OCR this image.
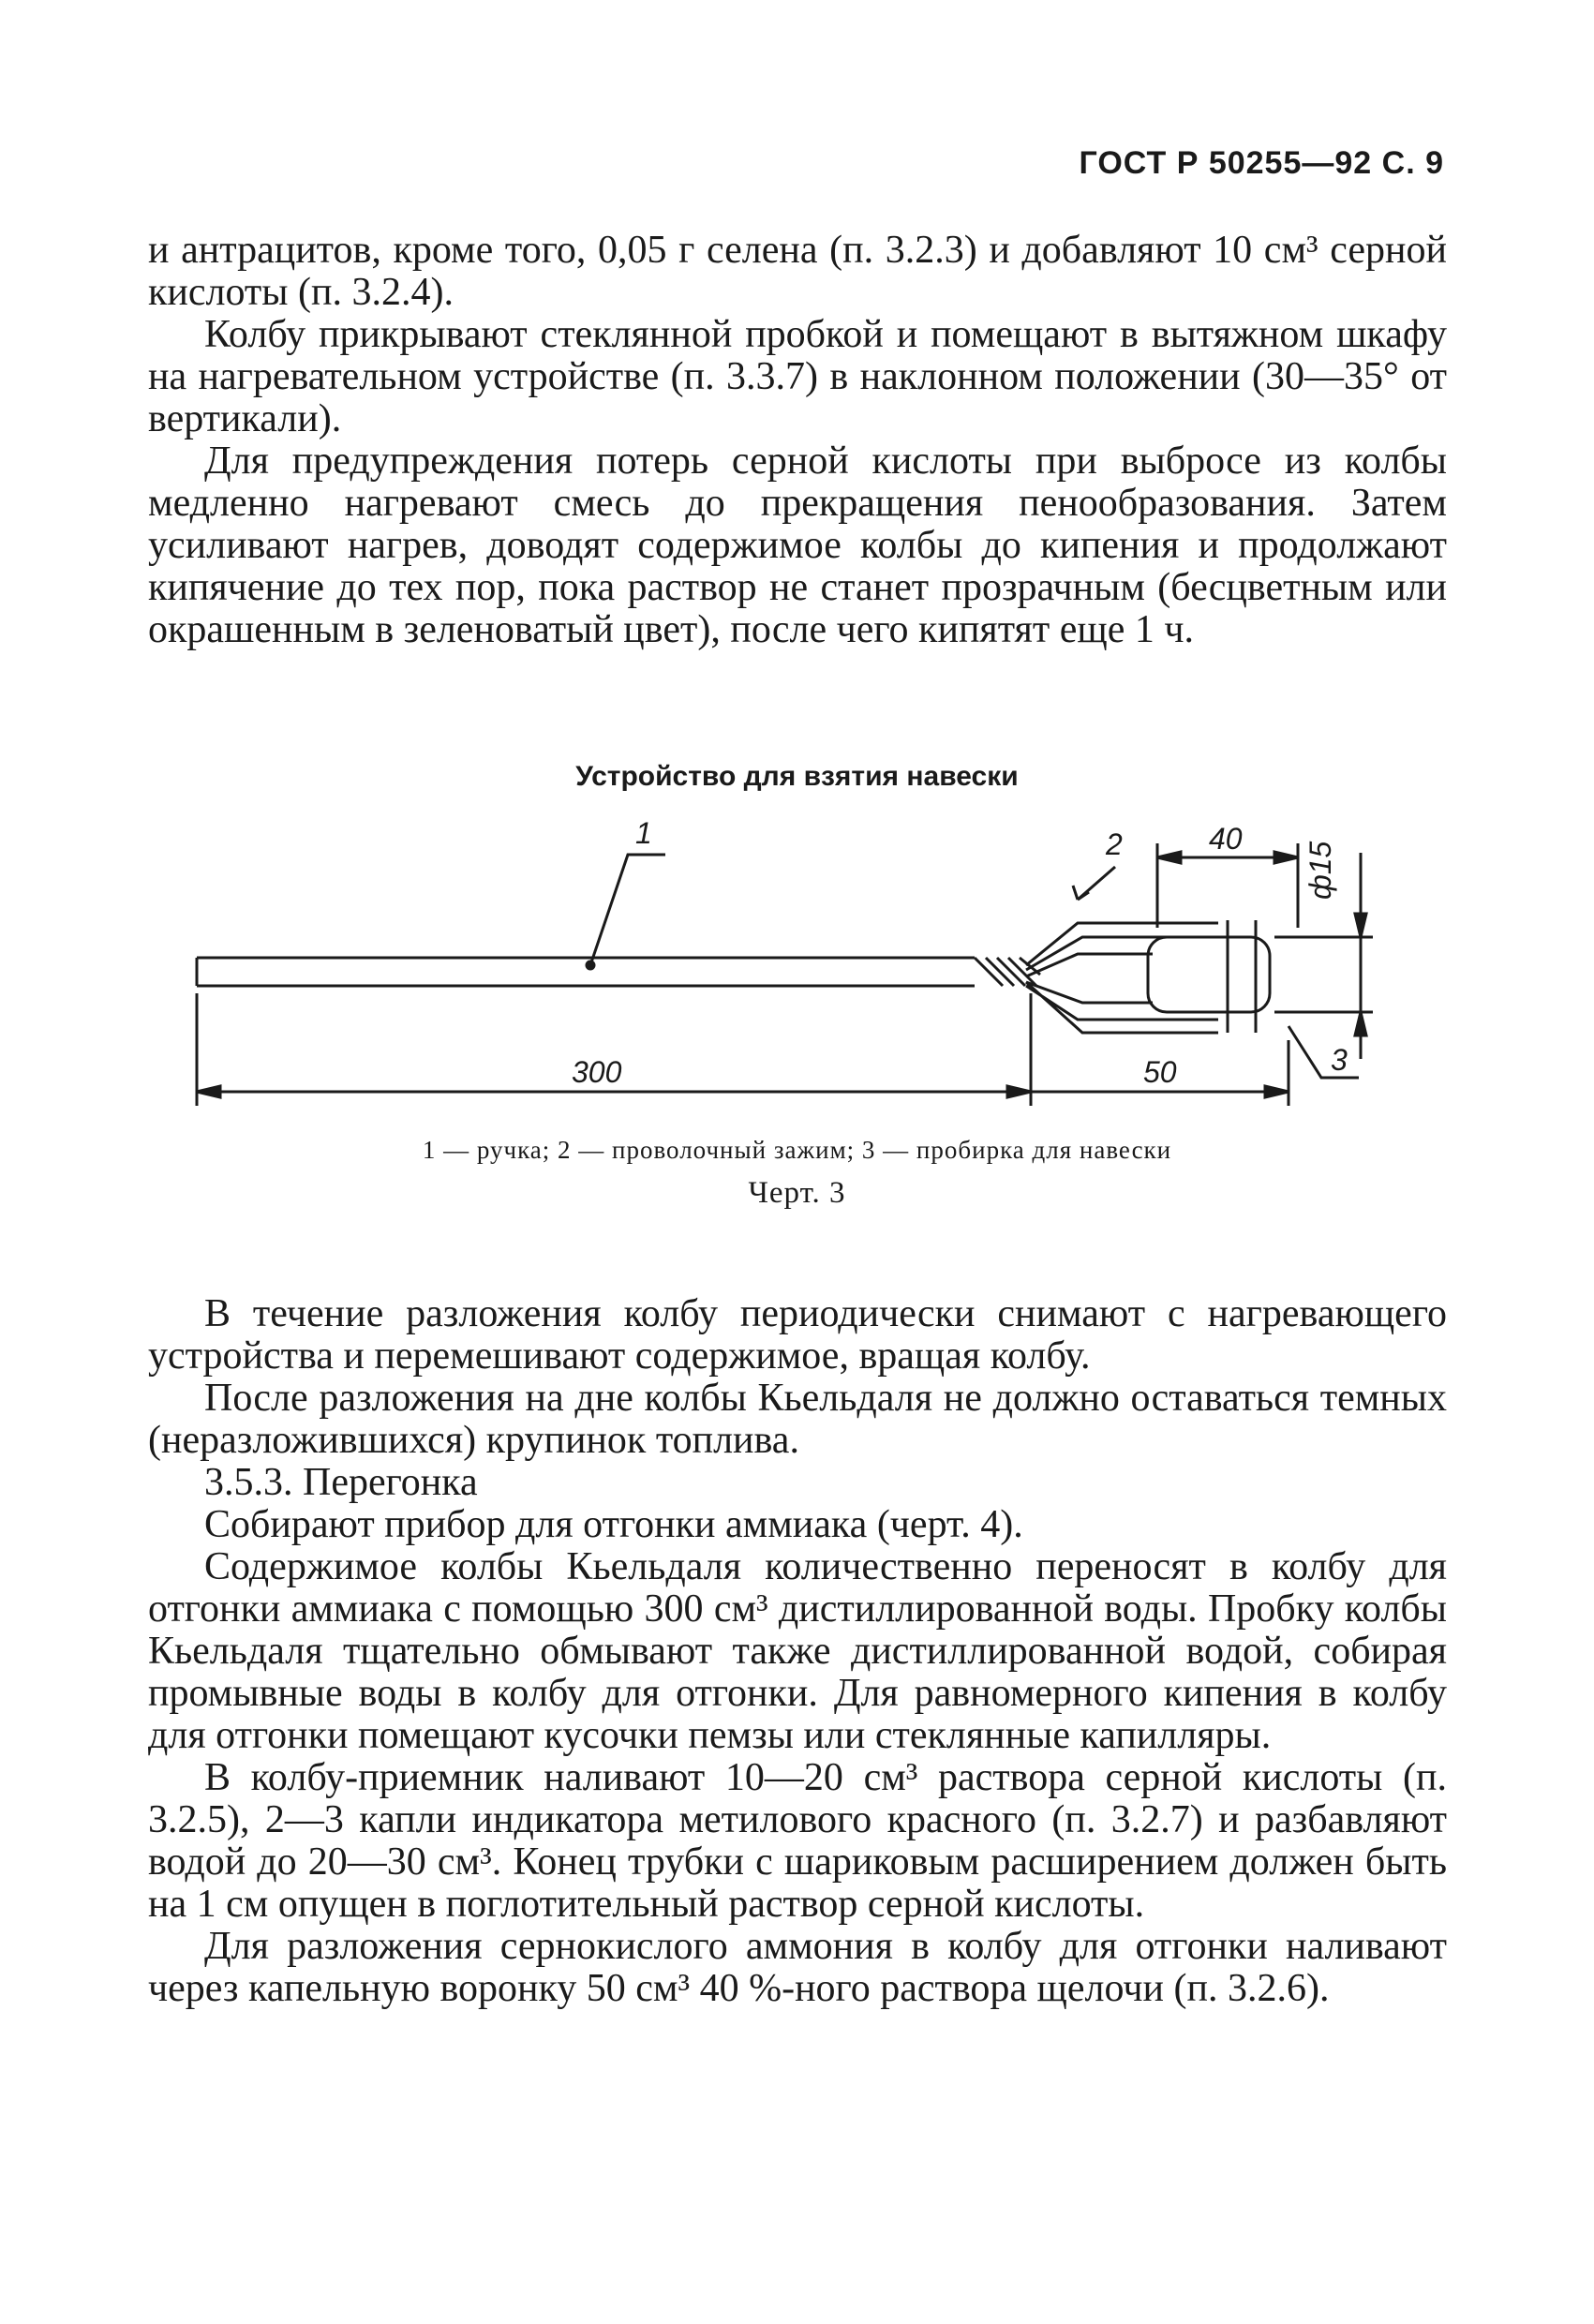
ГОСТ Р 50255—92 С. 9

и антрацитов, кроме того, 0,05 г селена (п. 3.2.3) и добавляют 10 см³ серной кислоты (п. 3.2.4).

Колбу прикрывают стеклянной пробкой и помещают в вытяжном шкафу на нагревательном устройстве (п. 3.3.7) в наклонном положении (30—35° от вертикали).

Для предупреждения потерь серной кислоты при выбросе из колбы медленно нагревают смесь до прекращения пенообразования. Затем усиливают нагрев, доводят содержимое колбы до кипения и продолжают кипячение до тех пор, пока раствор не станет прозрачным (бесцветным или окрашенным в зеленоватый цвет), после чего кипятят еще 1 ч.

Устройство для взятия навески
1	2
3
300	50
40
ф15
1 — ручка; 2 — проволочный зажим; 3 — пробирка для навески
Черт. 3

В течение разложения колбу периодически снимают с нагревающего устройства и перемешивают содержимое, вращая колбу.

После разложения на дне колбы Кьельдаля не должно оставаться темных (неразложившихся) крупинок топлива.

3.5.3. Перегонка

Собирают прибор для отгонки аммиака (черт. 4).

Содержимое колбы Кьельдаля количественно переносят в колбу для отгонки аммиака с помощью 300 см³ дистиллированной воды. Пробку колбы Кьельдаля тщательно обмывают также дистиллированной водой, собирая промывные воды в колбу для отгонки. Для равномерного кипения в колбу для отгонки помещают кусочки пемзы или стеклянные капилляры.

В колбу-приемник наливают 10—20 см³ раствора серной кислоты (п. 3.2.5), 2—3 капли индикатора метилового красного (п. 3.2.7) и разбавляют водой до 20—30 см³. Конец трубки с шариковым расширением должен быть на 1 см опущен в поглотительный раствор серной кислоты.

Для разложения сернокислого аммония в колбу для отгонки наливают через капельную воронку 50 см³ 40 %-ного раствора щелочи (п. 3.2.6).
